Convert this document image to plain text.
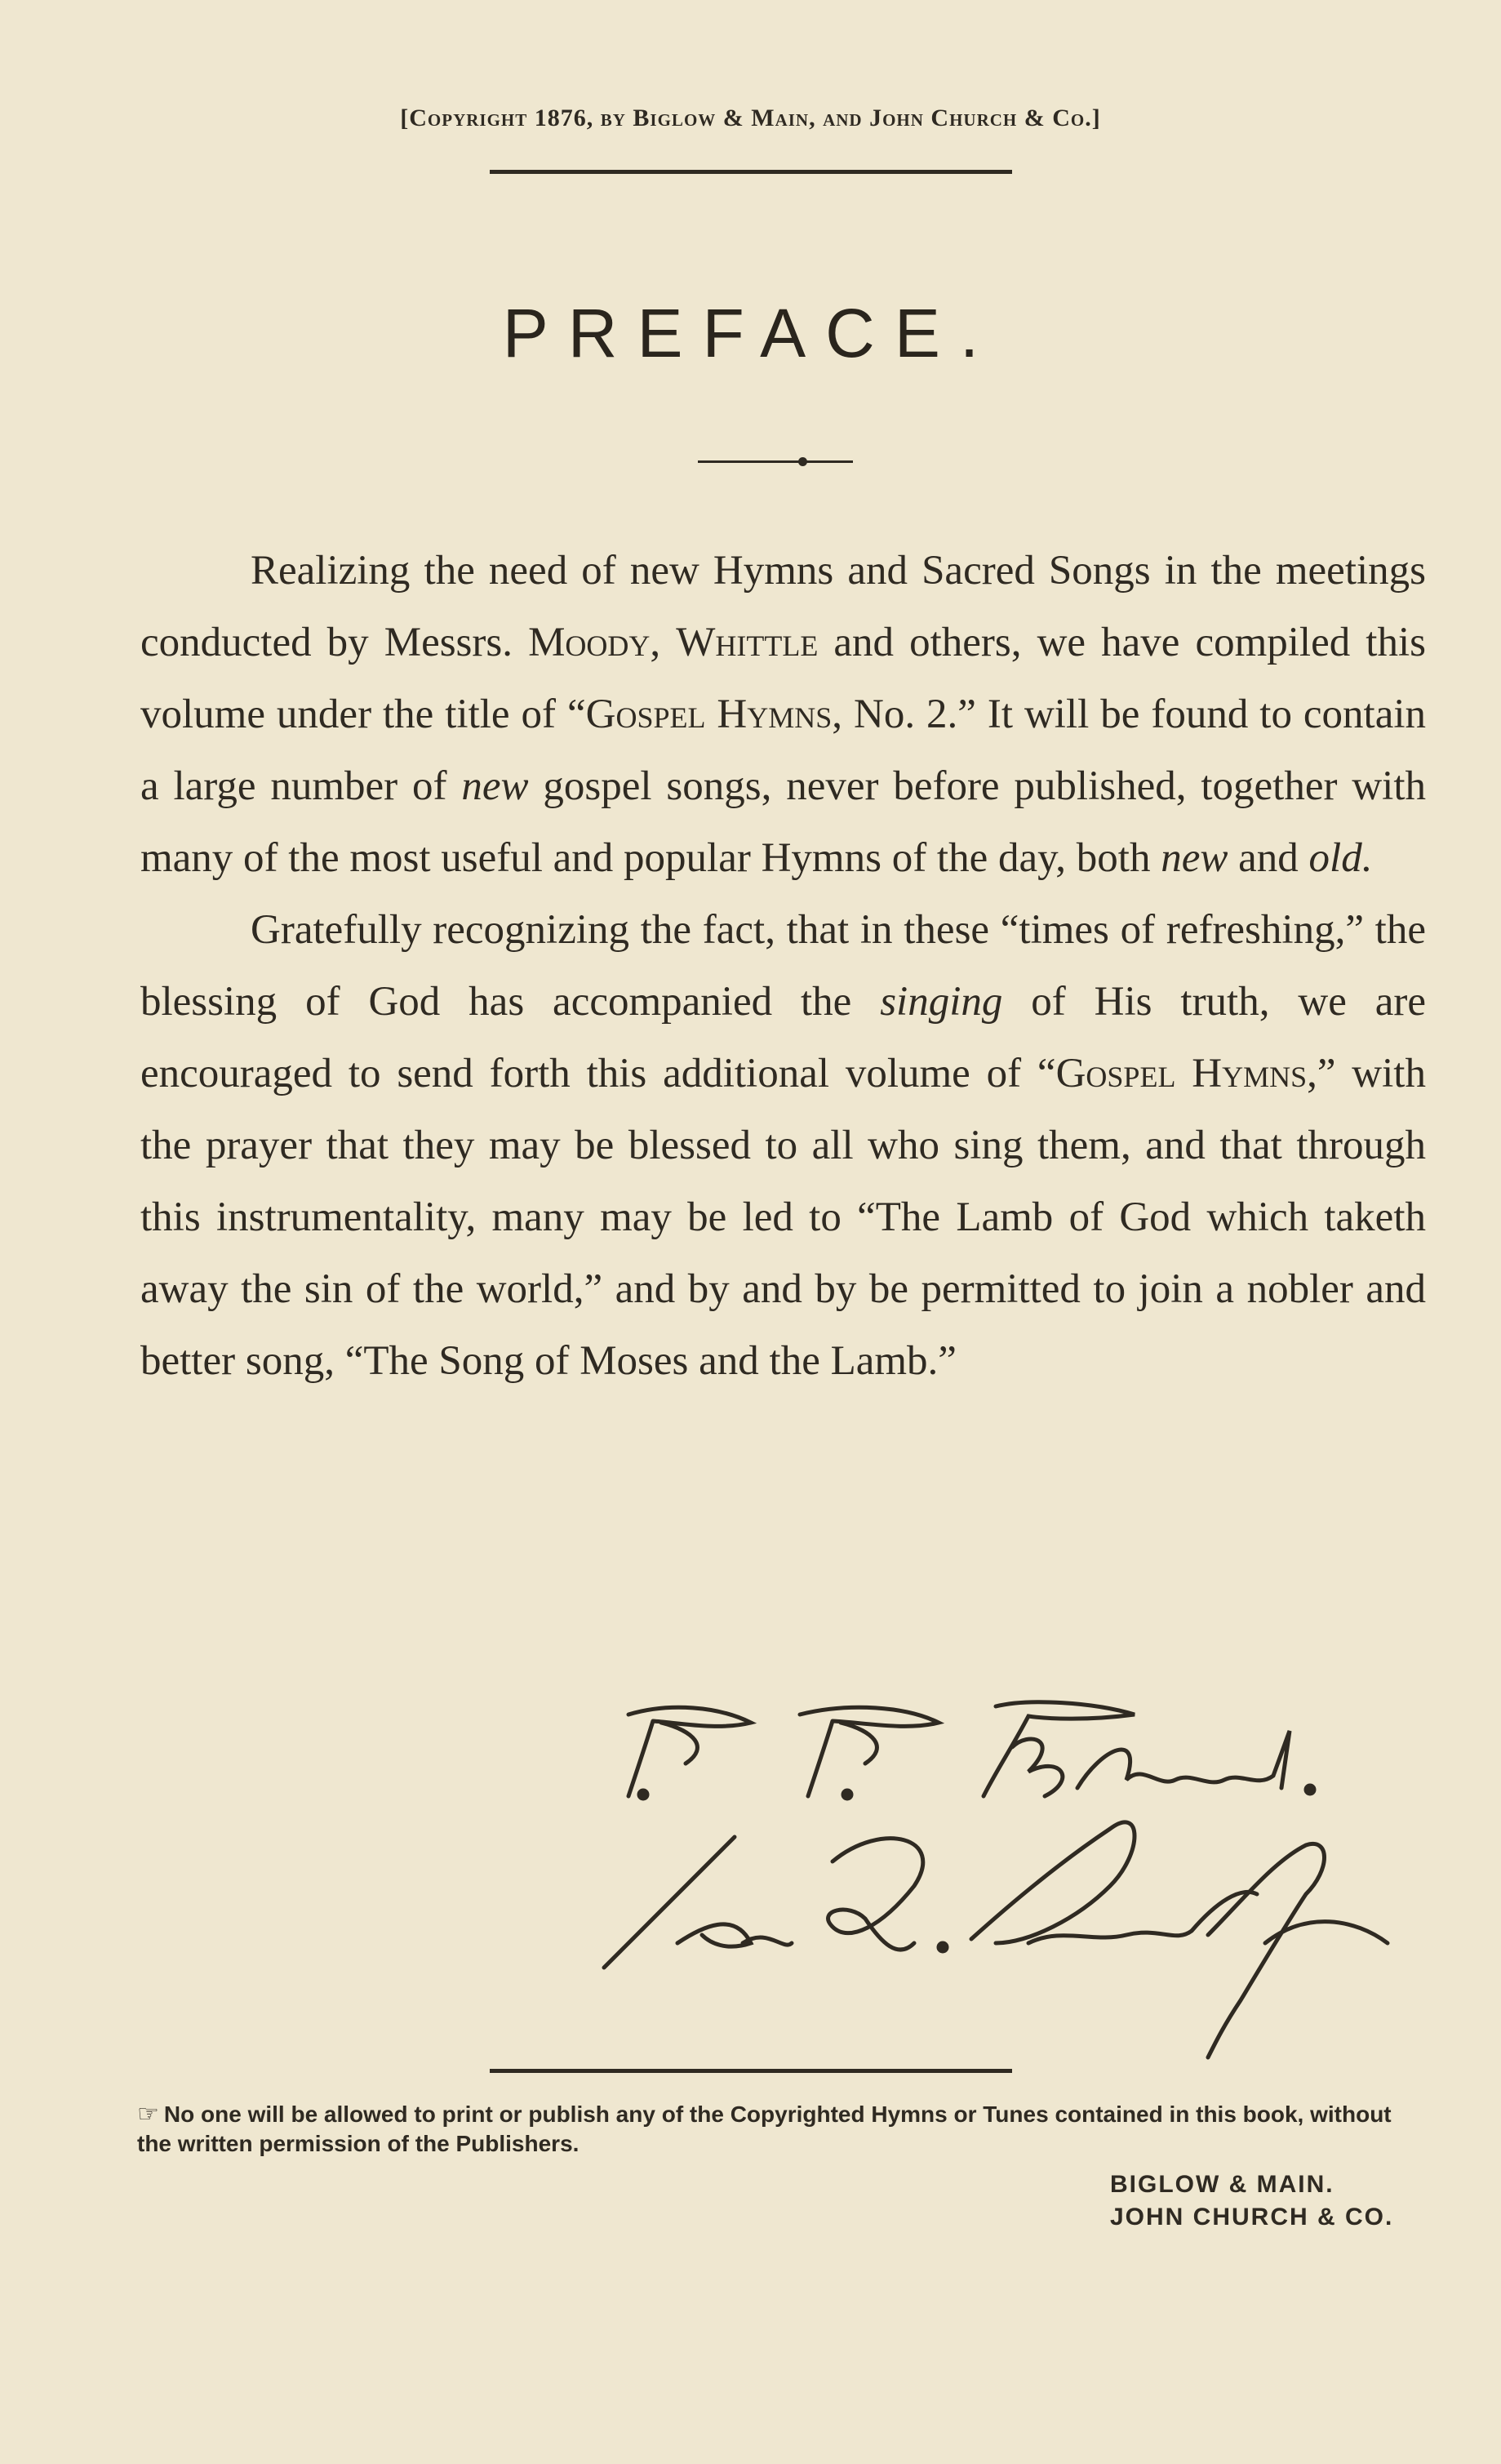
[Copyright 1876, by Biglow & Main, and John Church & Co.]
PREFACE.

Realizing the need of new Hymns and Sacred Songs in the meetings conducted by Messrs. Moody, Whittle and others, we have compiled this volume under the title of “Gospel Hymns, No. 2.” It will be found to contain a large number of new gospel songs, never before published, together with many of the most useful and popular Hymns of the day, both new and old.

Gratefully recognizing the fact, that in these “times of refreshing,” the blessing of God has accompanied the singing of His truth, we are encouraged to send forth this additional volume of “Gospel Hymns,” with the prayer that they may be blessed to all who sing them, and that through this instrumentality, many may be led to “The Lamb of God which taketh away the sin of the world,” and by and by be permitted to join a nobler and better song, “The Song of Moses and the Lamb.”

☞ No one will be allowed to print or publish any of the Copyrighted Hymns or Tunes contained in this book, without the written permission of the Publishers.
BIGLOW & MAIN.
JOHN CHURCH & CO.
